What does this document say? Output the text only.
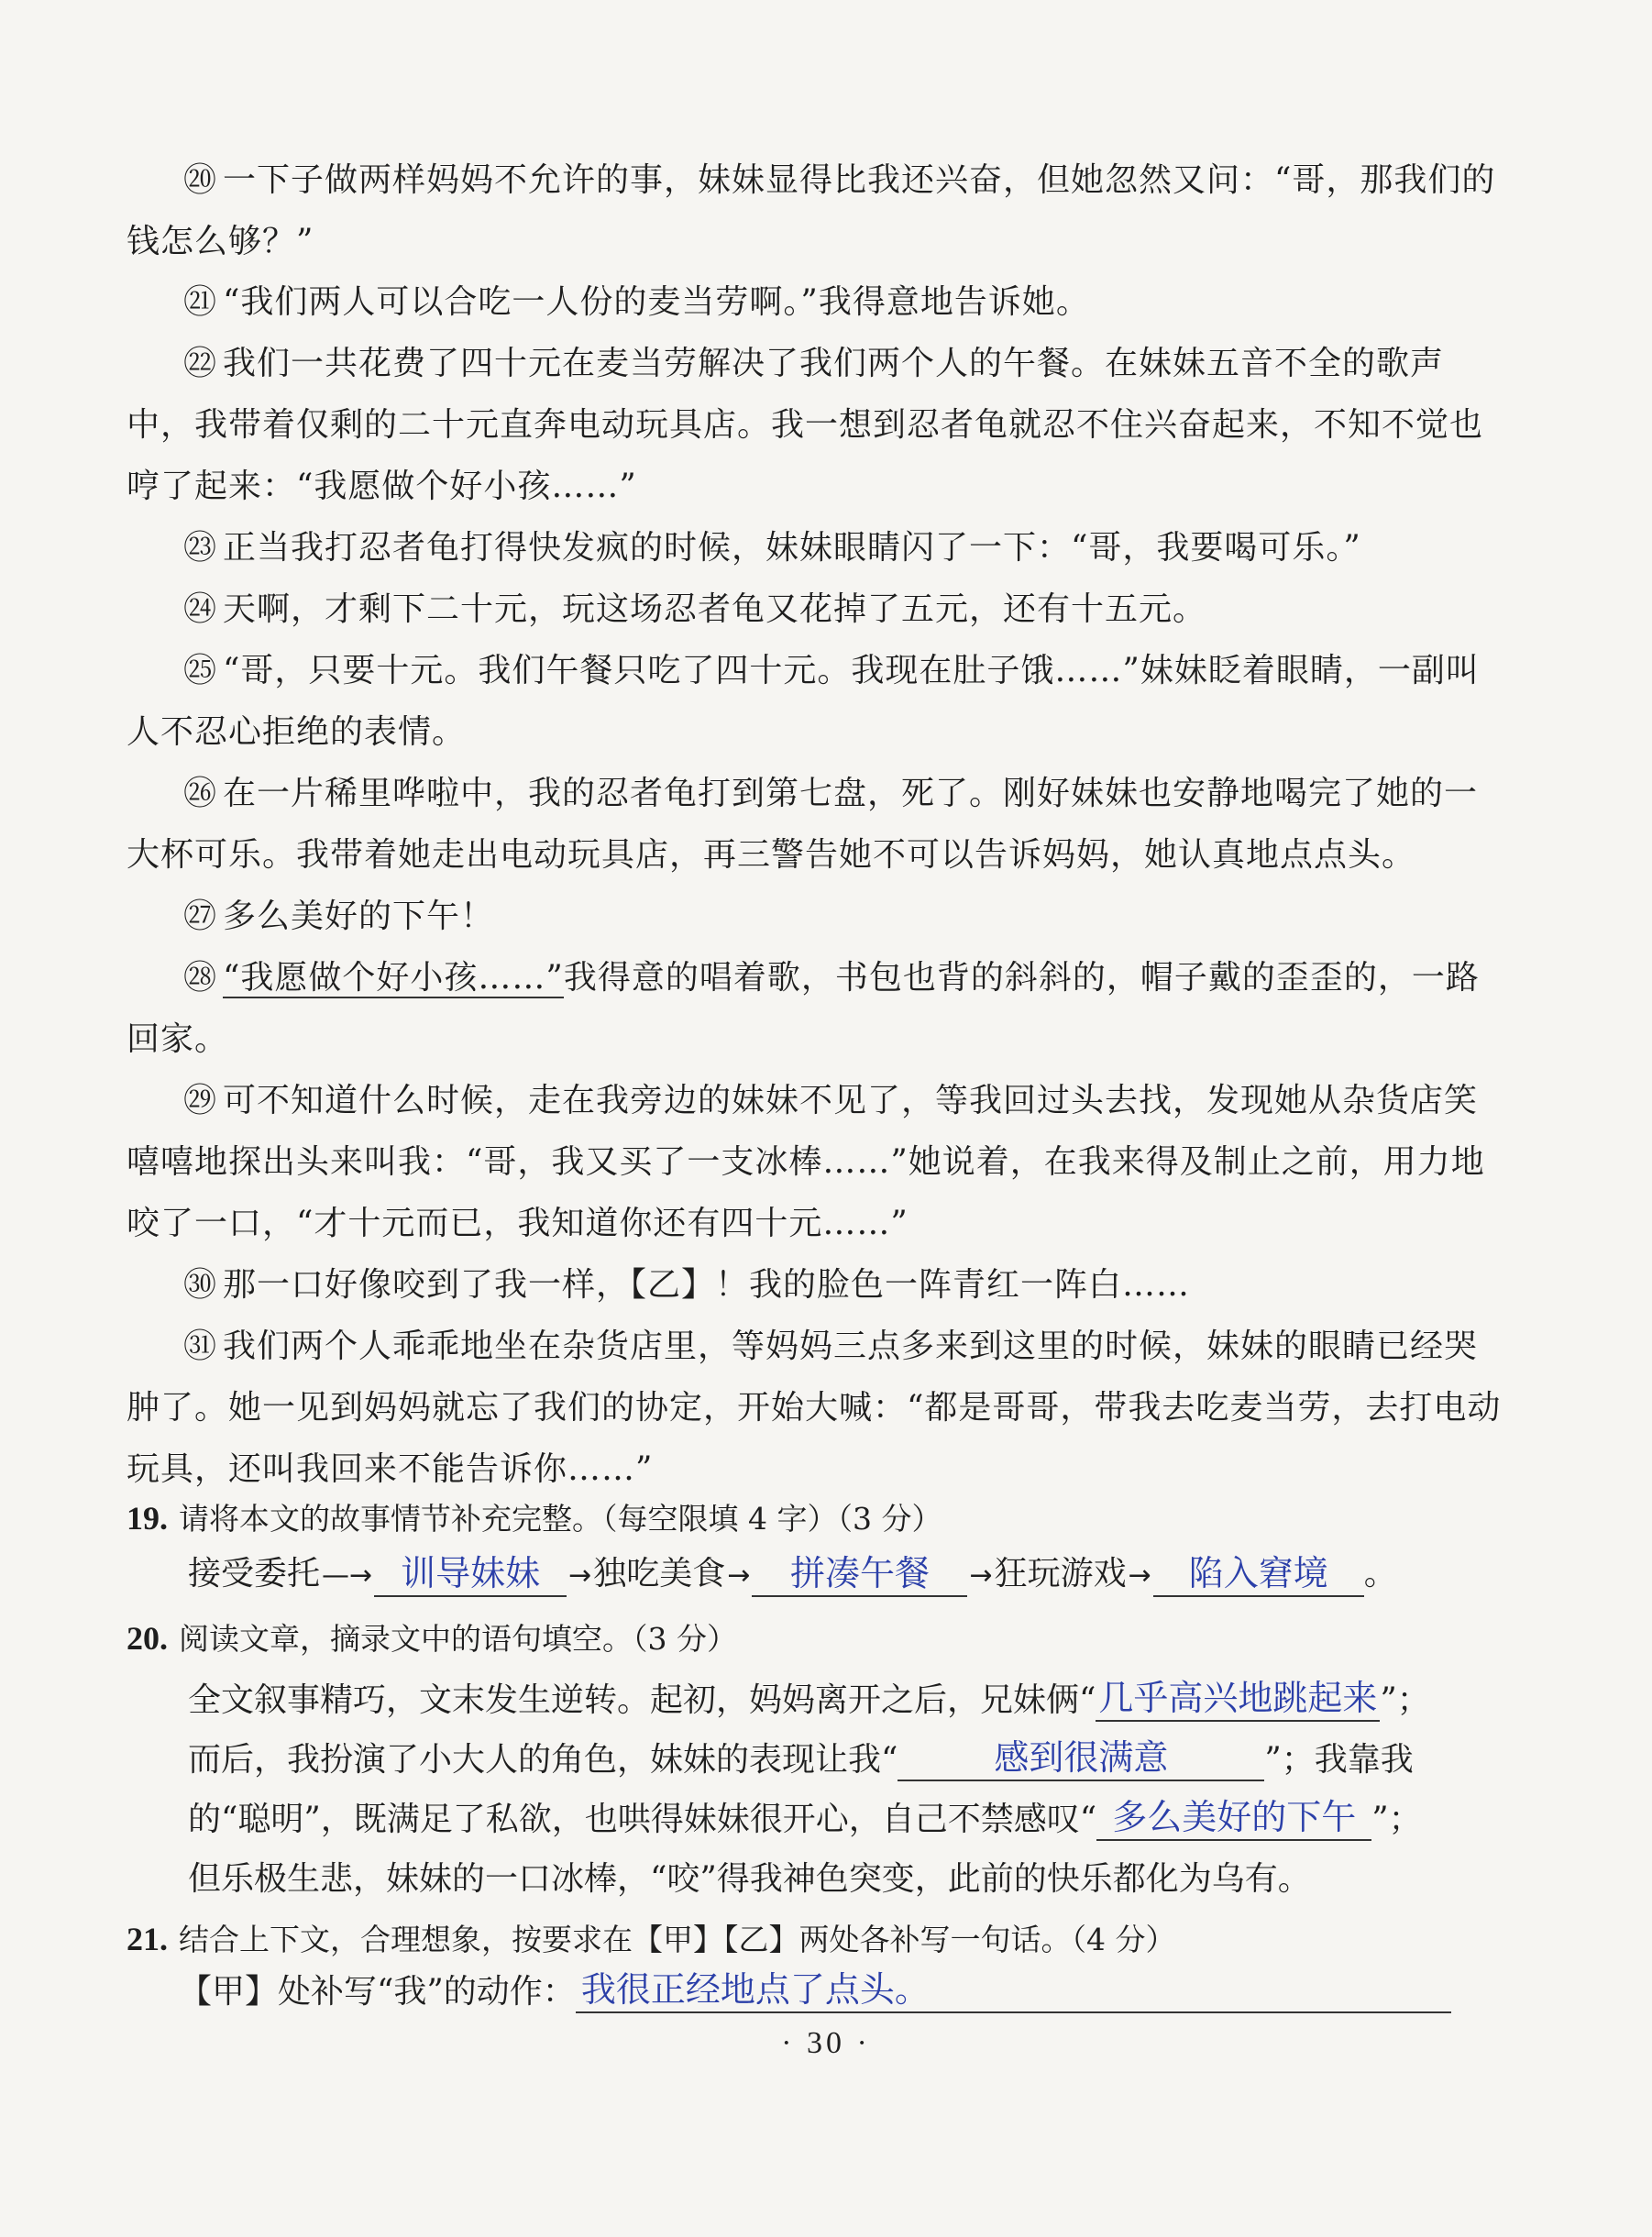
⑳ 一下子做两样妈妈不允许的事，妹妹显得比我还兴奋，但她忽然又问：“哥，那我们的钱怎么够？”

㉑ “我们两人可以合吃一人份的麦当劳啊。”我得意地告诉她。

㉒ 我们一共花费了四十元在麦当劳解决了我们两个人的午餐。在妹妹五音不全的歌声中，我带着仅剩的二十元直奔电动玩具店。我一想到忍者龟就忍不住兴奋起来，不知不觉也哼了起来：“我愿做个好小孩……”

㉓ 正当我打忍者龟打得快发疯的时候，妹妹眼睛闪了一下：“哥，我要喝可乐。”

㉔ 天啊，才剩下二十元，玩这场忍者龟又花掉了五元，还有十五元。

㉕ “哥，只要十元。我们午餐只吃了四十元。我现在肚子饿……”妹妹眨着眼睛，一副叫人不忍心拒绝的表情。

㉖ 在一片稀里哗啦中，我的忍者龟打到第七盘，死了。刚好妹妹也安静地喝完了她的一大杯可乐。我带着她走出电动玩具店，再三警告她不可以告诉妈妈，她认真地点点头。

㉗ 多么美好的下午！

㉘ “我愿做个好小孩……”我得意的唱着歌，书包也背的斜斜的，帽子戴的歪歪的，一路回家。

㉙ 可不知道什么时候，走在我旁边的妹妹不见了，等我回过头去找，发现她从杂货店笑嘻嘻地探出头来叫我：“哥，我又买了一支冰棒……”她说着，在我来得及制止之前，用力地咬了一口，“才十元而已，我知道你还有四十元……”

㉚ 那一口好像咬到了我一样，【乙】！我的脸色一阵青红一阵白……

㉛ 我们两个人乖乖地坐在杂货店里，等妈妈三点多来到这里的时候，妹妹的眼睛已经哭肿了。她一见到妈妈就忘了我们的协定，开始大喊：“都是哥哥，带我去吃麦当劳，去打电动玩具，还叫我回来不能告诉你……”

19. 请将本文的故事情节补充完整。（每空限填 4 字）（3 分）
接受委托—→ 训导妹妹	→独吃美食→	拼凑午餐	→狂玩游戏→	陷入窘境	。
20. 阅读文章，摘录文中的语句填空。（3 分）
全文叙事精巧，文末发生逆转。起初，妈妈离开之后，兄妹俩“ 几乎高兴地跳起来 ”；
而后，我扮演了小大人的角色，妹妹的表现让我“	感到很满意	”；我靠我
的“聪明”，既满足了私欲，也哄得妹妹很开心，自己不禁感叹“ 多么美好的下午 ”；
但乐极生悲，妹妹的一口冰棒，“咬”得我神色突变，此前的快乐都化为乌有。
21. 结合上下文，合理想象，按要求在【甲】【乙】两处各补写一句话。（4 分）
【甲】处补写“我”的动作： 我很正经地点了点头。
· 30 ·
